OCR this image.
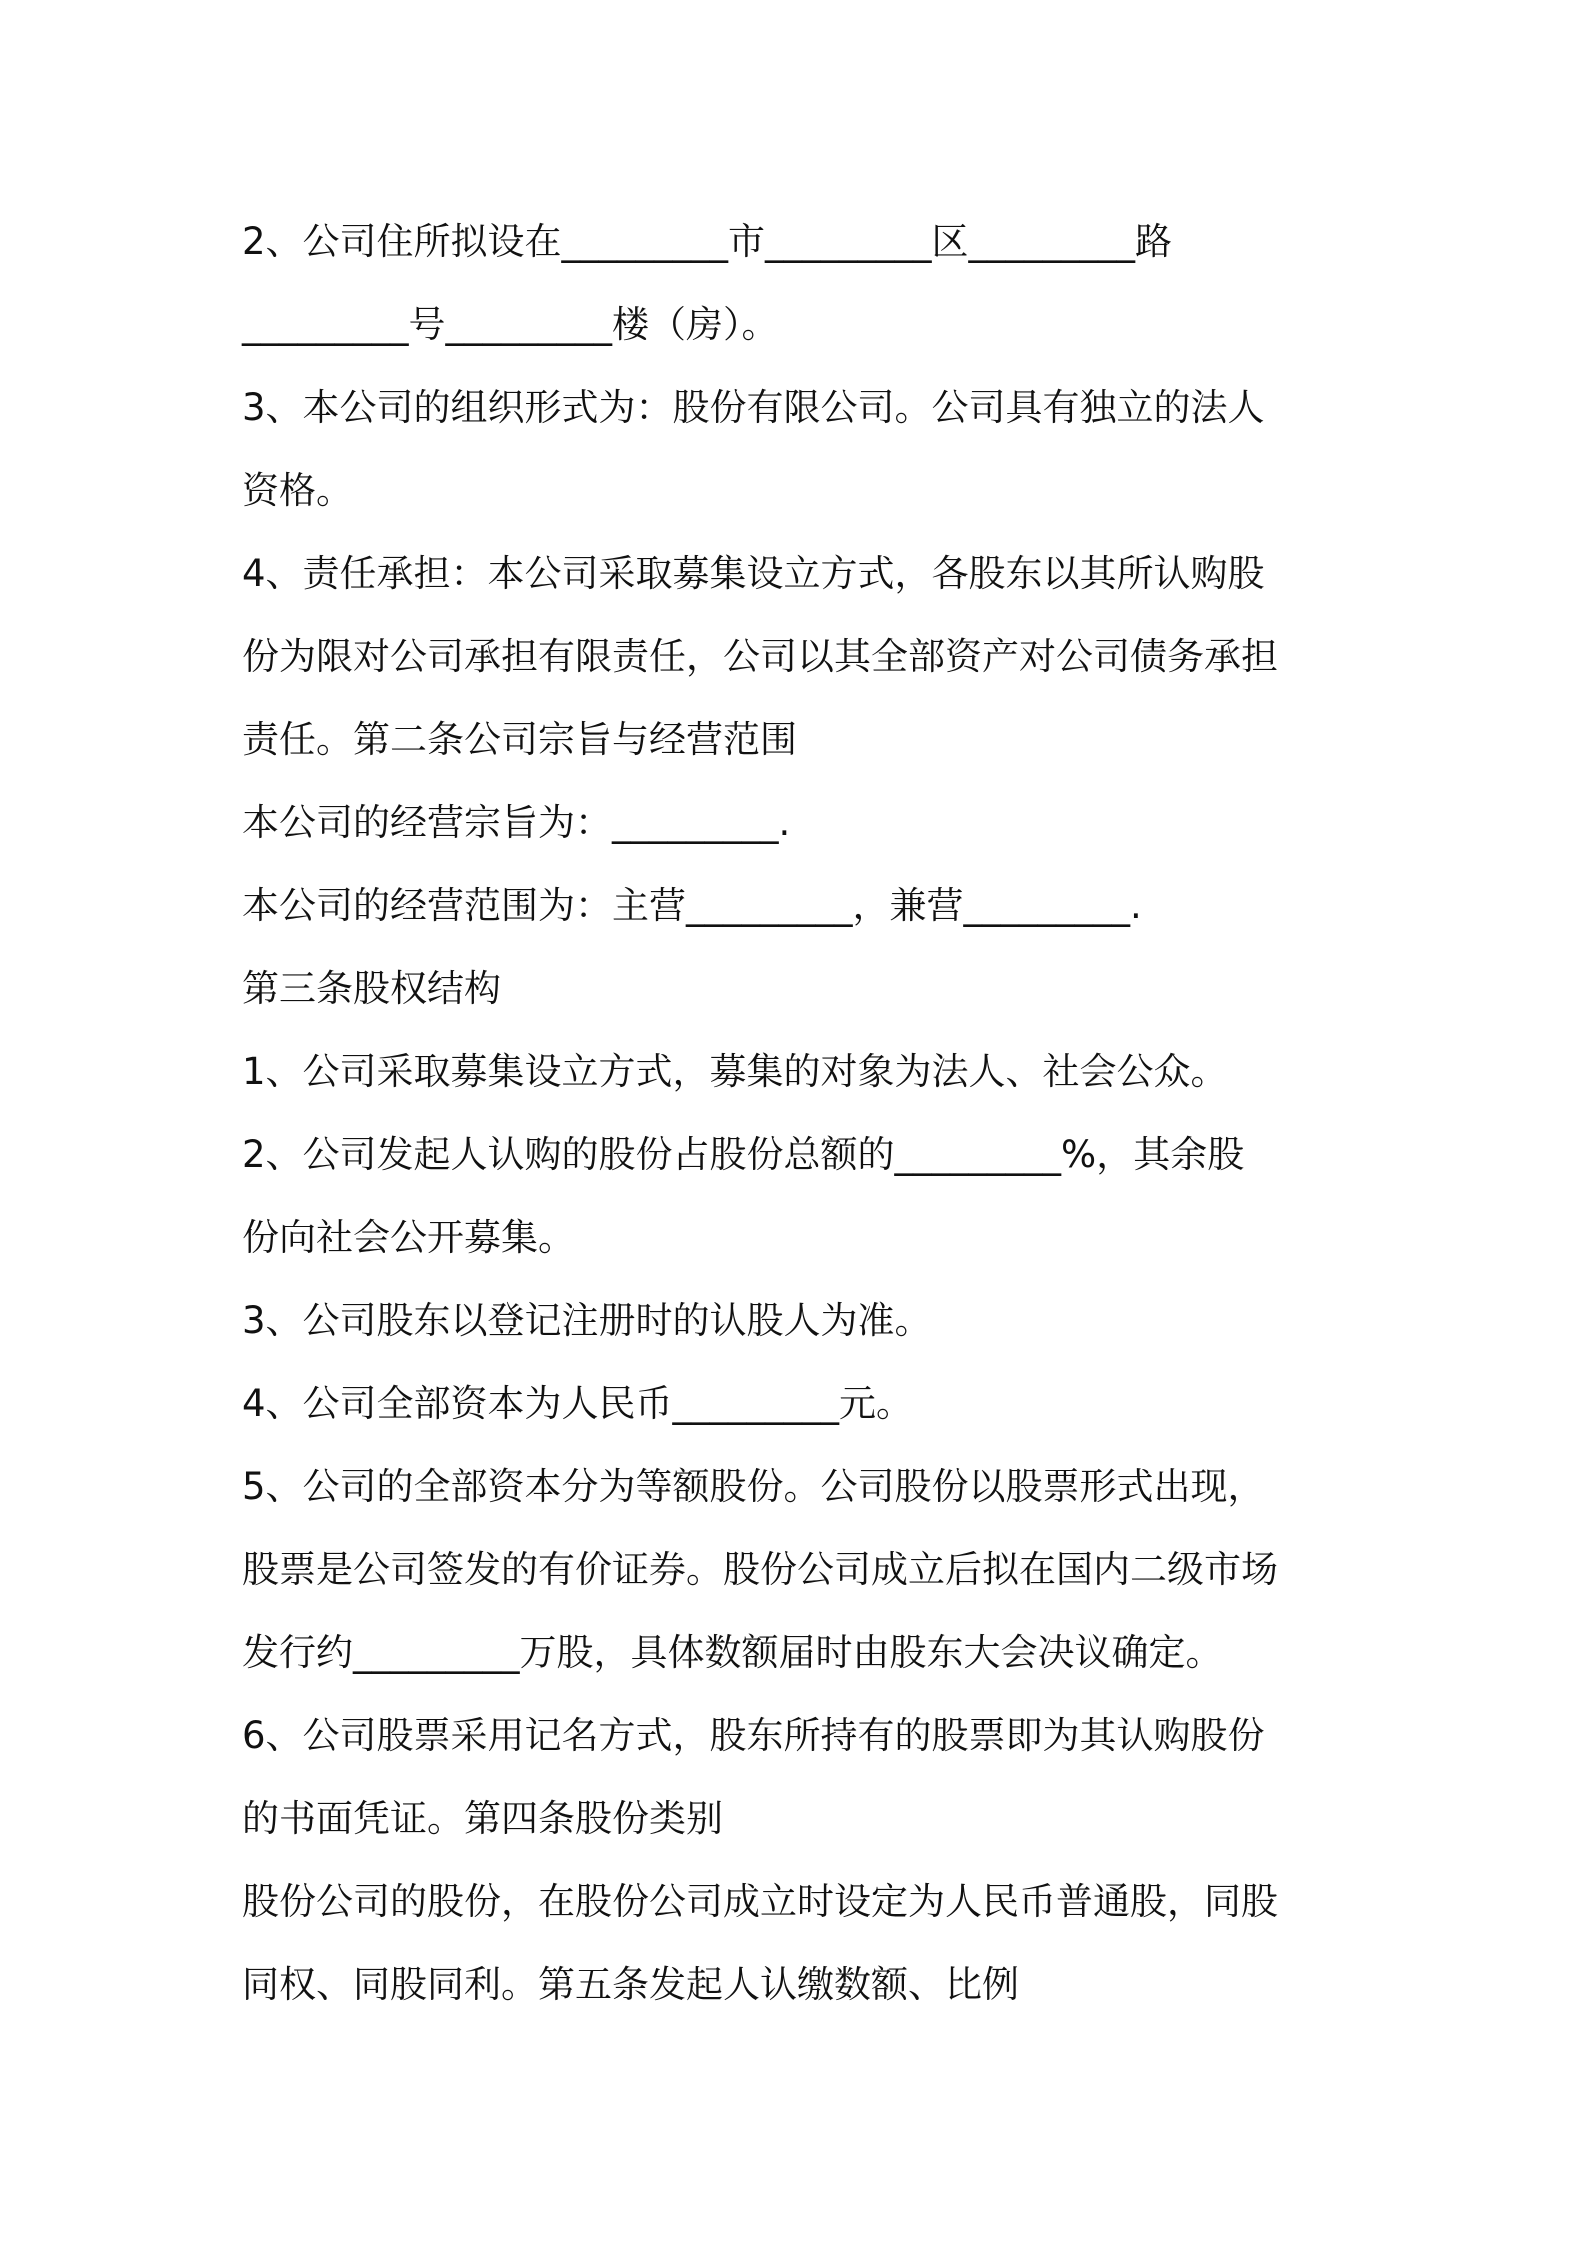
2、公司住所拟设在_________市_________区_________路
_________号_________楼（房）。
3、本公司的组织形式为：股份有限公司。公司具有独立的法人
资格。
4、责任承担：本公司采取募集设立方式，各股东以其所认购股
份为限对公司承担有限责任，公司以其全部资产对公司债务承担
责任。第二条公司宗旨与经营范围
本公司的经营宗旨为：_________.
本公司的经营范围为：主营_________，兼营_________.
第三条股权结构
1、公司采取募集设立方式，募集的对象为法人、社会公众。
2、公司发起人认购的股份占股份总额的_________%，其余股
份向社会公开募集。
3、公司股东以登记注册时的认股人为准。
4、公司全部资本为人民币_________元。
5、公司的全部资本分为等额股份。公司股份以股票形式出现，
股票是公司签发的有价证券。股份公司成立后拟在国内二级市场
发行约_________万股，具体数额届时由股东大会决议确定。
6、公司股票采用记名方式，股东所持有的股票即为其认购股份
的书面凭证。第四条股份类别
股份公司的股份，在股份公司成立时设定为人民币普通股，同股
同权、同股同利。第五条发起人认缴数额、比例
